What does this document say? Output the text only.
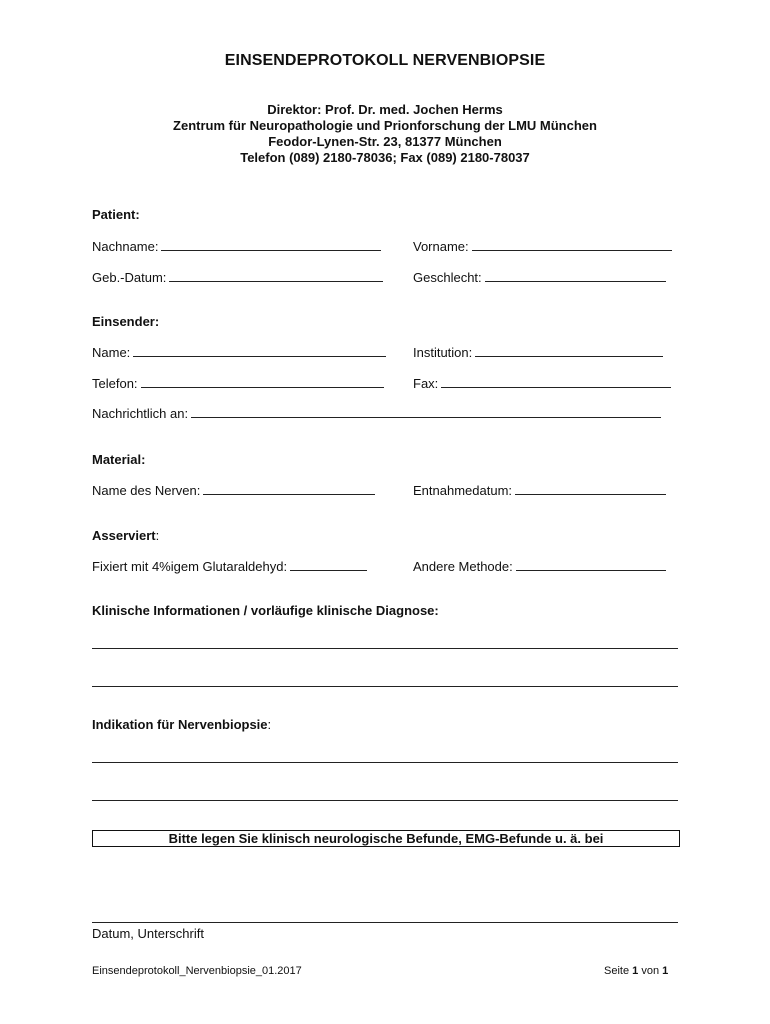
EINSENDEPROTOKOLL NERVENBIOPSIE
Direktor: Prof. Dr. med. Jochen Herms
Zentrum für Neuropathologie und Prionforschung der LMU München
Feodor-Lynen-Str. 23, 81377 München
Telefon (089) 2180-78036; Fax (089) 2180-78037
Patient:
Nachname:	Vorname:
Geb.-Datum:	Geschlecht:
Einsender:
Name:	Institution:
Telefon:	Fax:
Nachrichtlich an:
Material:
Name des Nerven:	Entnahmedatum:
Asserviert:
Fixiert mit 4%igem Glutaraldehyd:	Andere Methode:
Klinische Informationen / vorläufige klinische Diagnose:
Indikation für Nervenbiopsie:
Bitte legen Sie klinisch neurologische Befunde, EMG-Befunde u. ä. bei
Datum, Unterschrift
Einsendeprotokoll_Nervenbiopsie_01.2017	Seite 1 von 1
